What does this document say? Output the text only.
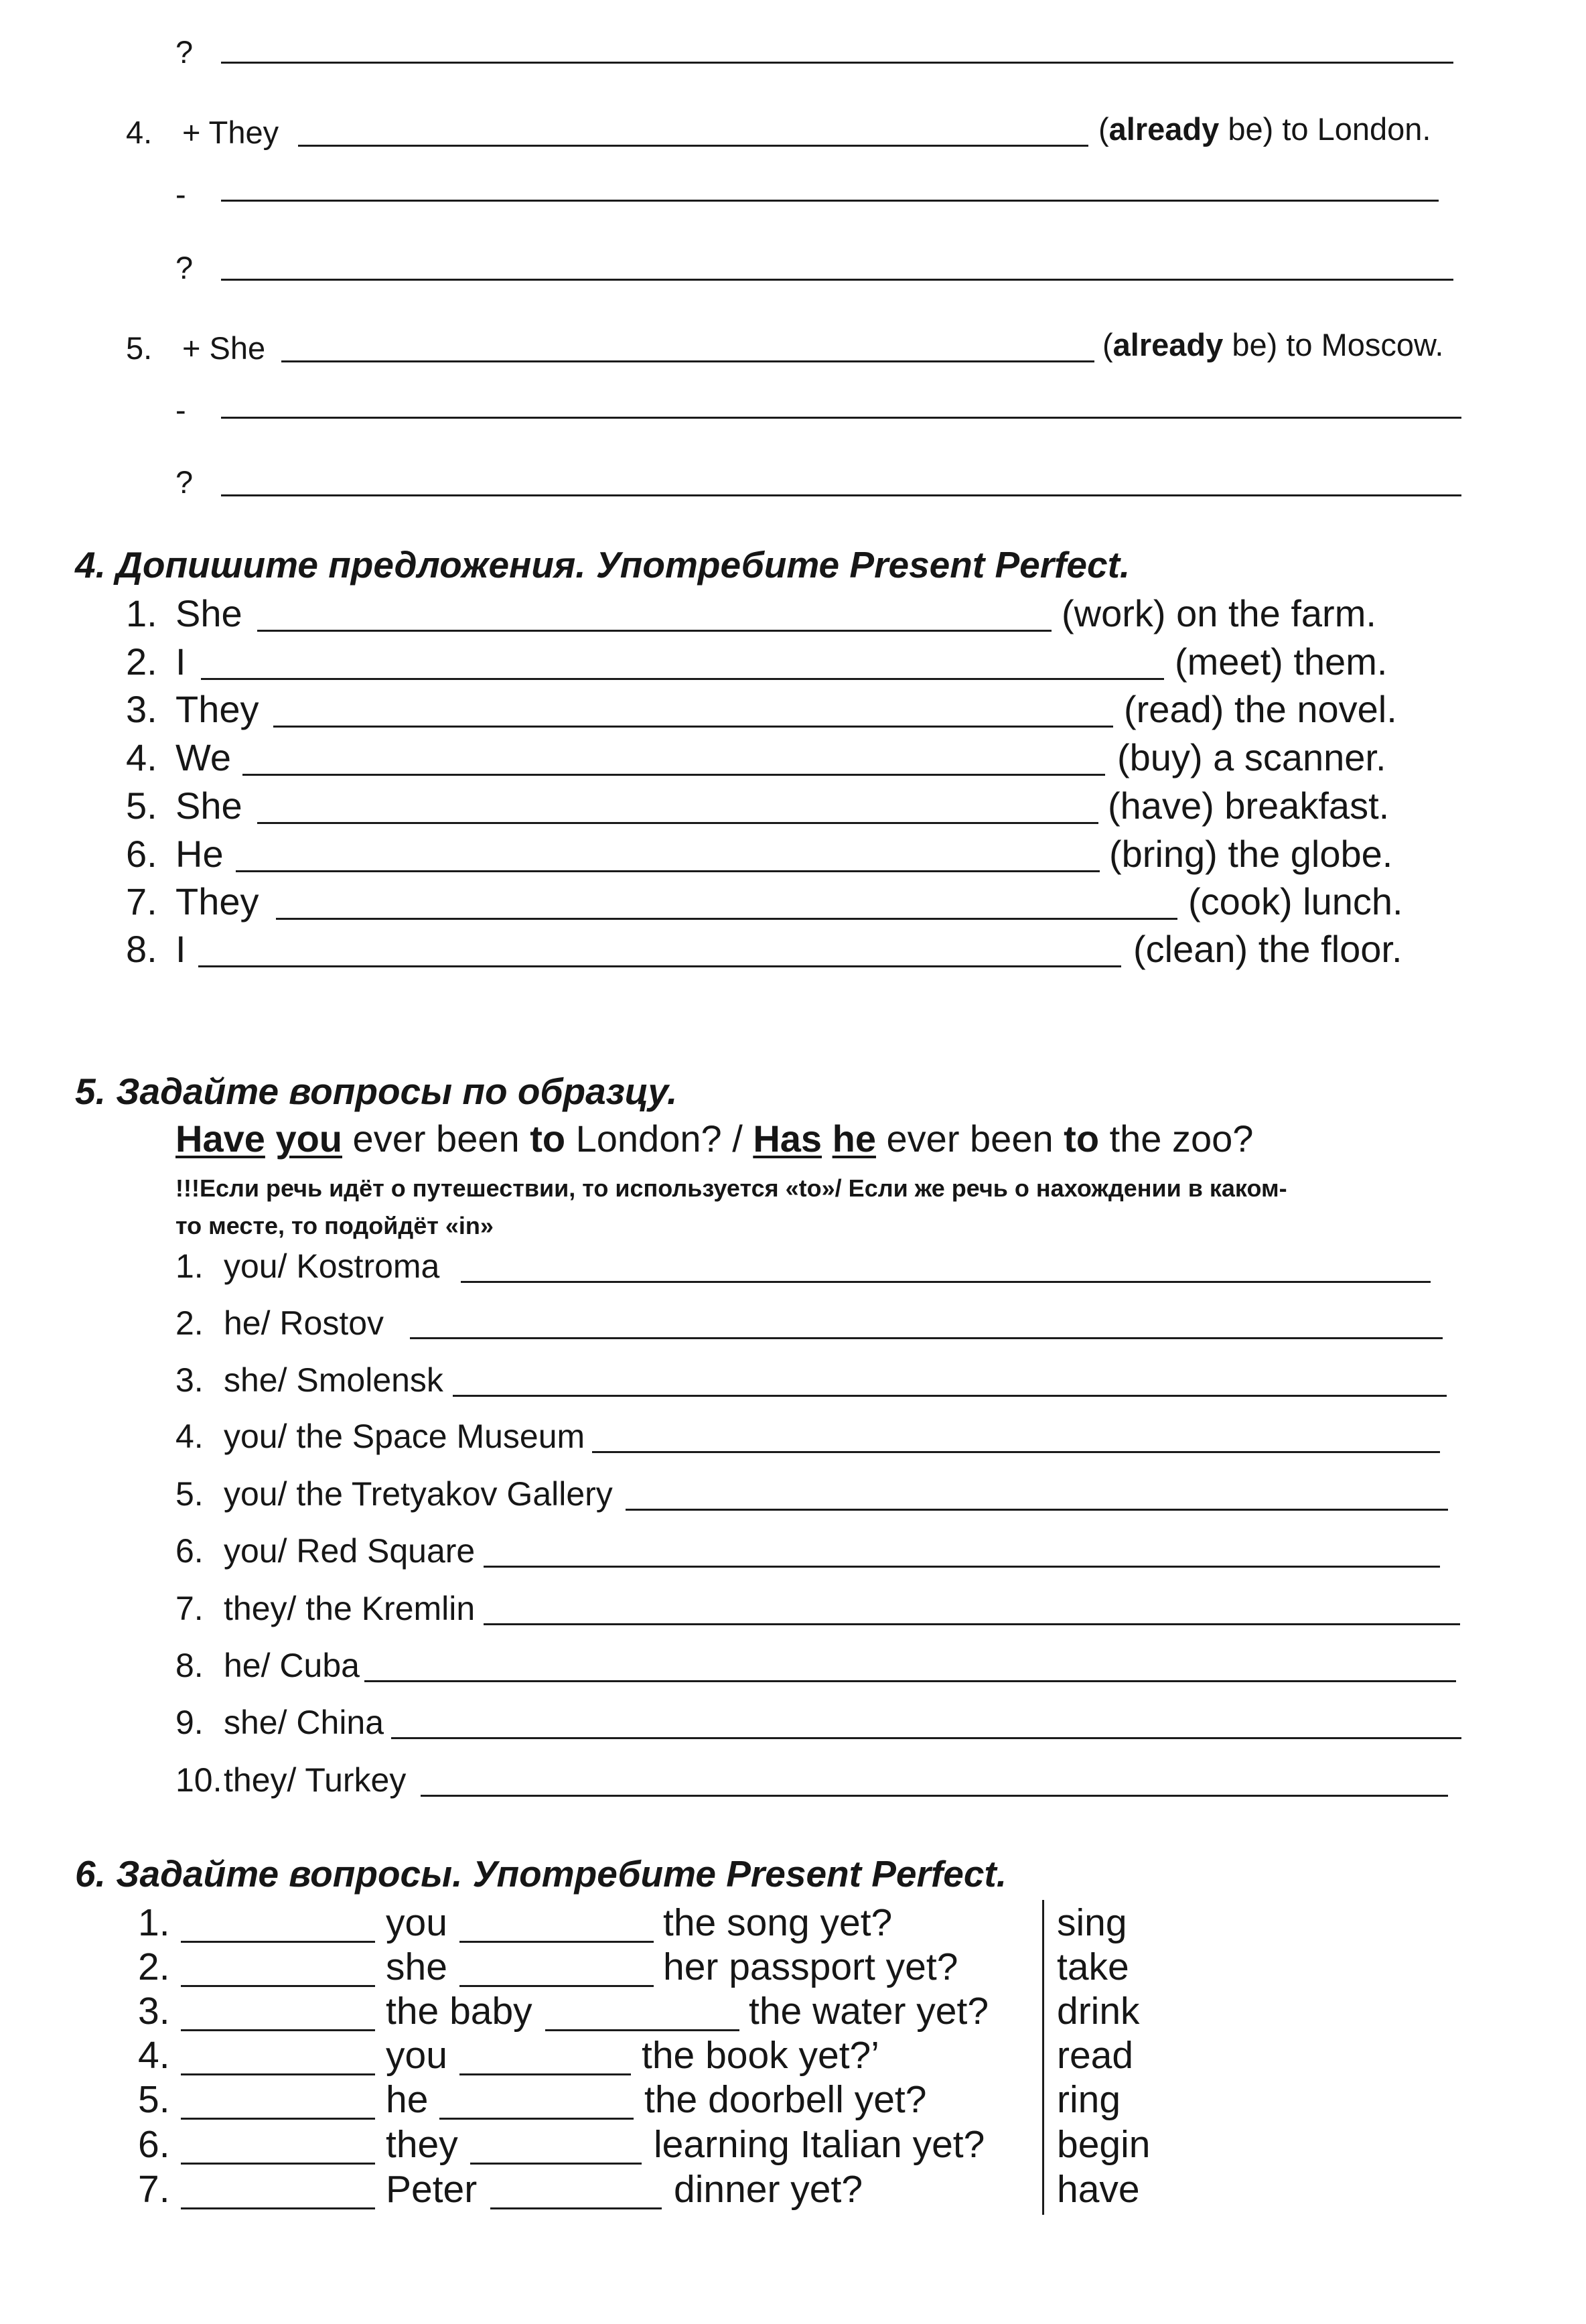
?
4. + They	(already be) to London.
-
?
5. + She	(already be) to Moscow.
-
?
4. Допишите предложения. Употребите Present Perfect.
1. She	(work) on the farm.
2. I	(meet) them.
3. They	(read) the novel.
4. We	(buy) a scanner.
5. She	(have) breakfast.
6. He	(bring) the globe.
7. They	(cook) lunch.
8. I	(clean) the floor.
5. Задайте вопросы по образцу.
Have you ever been to London? / Has he ever been to the zoo?
!!!Если речь идёт о путешествии, то используется «to»/ Если же речь о нахождении в каком-
то месте, то подойдёт «in»
1. you/ Kostroma
2. he/ Rostov
3. she/ Smolensk
4. you/ the Space Museum
5. you/ the Tretyakov Gallery
6. you/ Red Square
7. they/ the Kremlin
8. he/ Cuba
9. she/ China
10. they/ Turkey
6. Задайте вопросы. Употребите Present Perfect.
1.	you	the song yet?	sing
2.	she	her passport yet?	take
3.	the baby	the water yet? drink
4.	you	the book yet?’	read
5.	he	the doorbell yet?	ring
6.	they	learning Italian yet? begin
7.	Peter	dinner yet?	have
